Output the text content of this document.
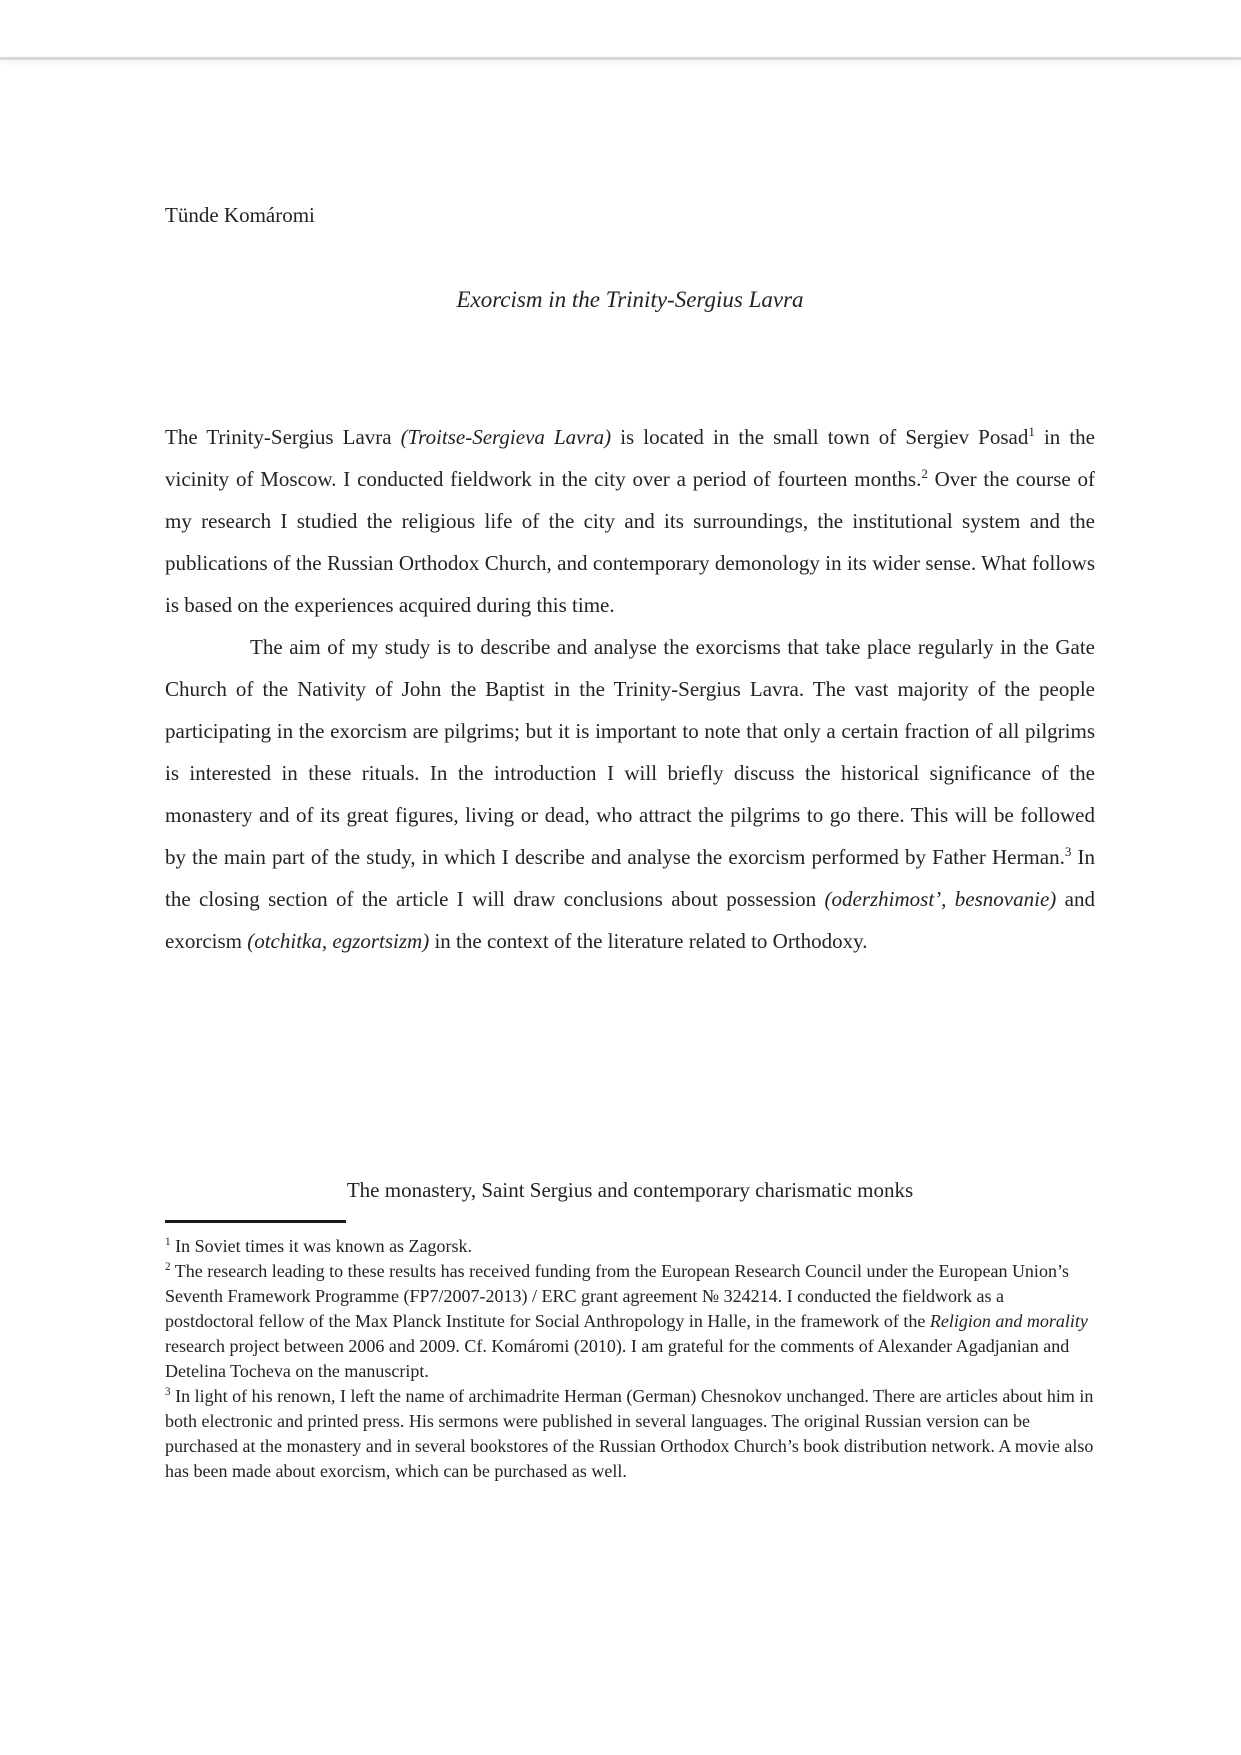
Tünde Komáromi
Exorcism in the Trinity-Sergius Lavra

The Trinity-Sergius Lavra (Troitse-Sergieva Lavra) is located in the small town of Sergiev Posad$^1$ in the vicinity of Moscow. I conducted fieldwork in the city over a period of fourteen months.$^2$ Over the course of my research I studied the religious life of the city and its surroundings, the institutional system and the publications of the Russian Orthodox Church, and contemporary demonology in its wider sense. What follows is based on the experiences acquired during this time.

The aim of my study is to describe and analyse the exorcisms that take place regularly in the Gate Church of the Nativity of John the Baptist in the Trinity-Sergius Lavra. The vast majority of the people participating in the exorcism are pilgrims; but it is important to note that only a certain fraction of all pilgrims is interested in these rituals. In the introduction I will briefly discuss the historical significance of the monastery and of its great figures, living or dead, who attract the pilgrims to go there. This will be followed by the main part of the study, in which I describe and analyse the exorcism performed by Father Herman.$^3$ In the closing section of the article I will draw conclusions about possession (oderzhimost’, besnovanie) and exorcism (otchitka, egzortsizm) in the context of the literature related to Orthodoxy.

The monastery, Saint Sergius and contemporary charismatic monks

$^1$ In Soviet times it was known as Zagorsk.

$^2$ The research leading to these results has received funding from the European Research Council under the European Union’s Seventh Framework Programme (FP7/2007-2013) / ERC grant agreement № 324214. I conducted the fieldwork as a postdoctoral fellow of the Max Planck Institute for Social Anthropology in Halle, in the framework of the Religion and morality research project between 2006 and 2009. Cf. Komáromi (2010). I am grateful for the comments of Alexander Agadjanian and Detelina Tocheva on the manuscript.

$^3$ In light of his renown, I left the name of archimadrite Herman (German) Chesnokov unchanged. There are articles about him in both electronic and printed press. His sermons were published in several languages. The original Russian version can be purchased at the monastery and in several bookstores of the Russian Orthodox Church’s book distribution network. A movie also has been made about exorcism, which can be purchased as well.
